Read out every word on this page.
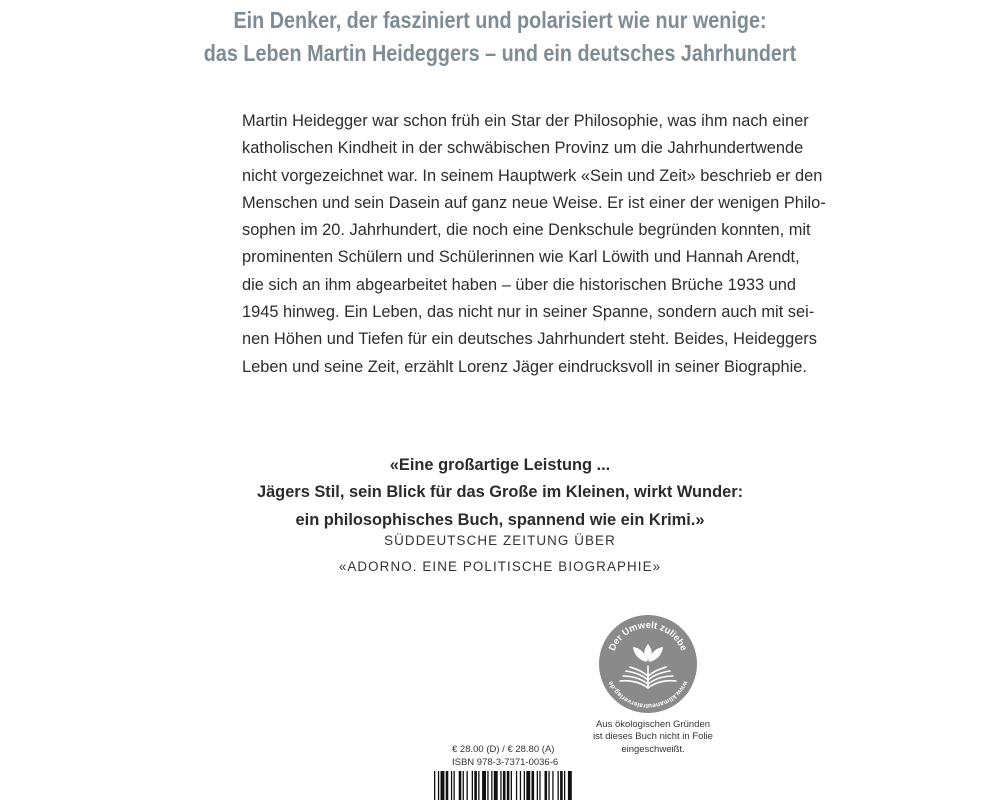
Ein Denker, der fasziniert und polarisiert wie nur wenige:
das Leben Martin Heideggers – und ein deutsches Jahrhundert
Martin Heidegger war schon früh ein Star der Philosophie, was ihm nach einer
katholischen Kindheit in der schwäbischen Provinz um die Jahrhundertwende
nicht vorgezeichnet war. In seinem Hauptwerk «Sein und Zeit» beschrieb er den
Menschen und sein Dasein auf ganz neue Weise. Er ist einer der wenigen Philo-
sophen im 20. Jahrhundert, die noch eine Denkschule begründen konnten, mit
prominenten Schülern und Schülerinnen wie Karl Löwith und Hannah Arendt,
die sich an ihm abgearbeitet haben – über die historischen Brüche 1933 und
1945 hinweg. Ein Leben, das nicht nur in seiner Spanne, sondern auch mit sei-
nen Höhen und Tiefen für ein deutsches Jahrhundert steht. Beides, Heideggers
Leben und seine Zeit, erzählt Lorenz Jäger eindrucksvoll in seiner Biographie.
«Eine großartige Leistung ...
Jägers Stil, sein Blick für das Große im Kleinen, wirkt Wunder:
ein philosophisches Buch, spannend wie ein Krimi.»
SÜDDEUTSCHE ZEITUNG ÜBER
«ADORNO. EINE POLITISCHE BIOGRAPHIE»
Der Umwelt zuliebe
www.klimaneutralerverlag.de
Aus ökologischen Gründen
ist dieses Buch nicht in Folie
eingeschweißt.
€ 28.00 (D) / € 28.80 (A)
ISBN 978-3-7371-0036-6
